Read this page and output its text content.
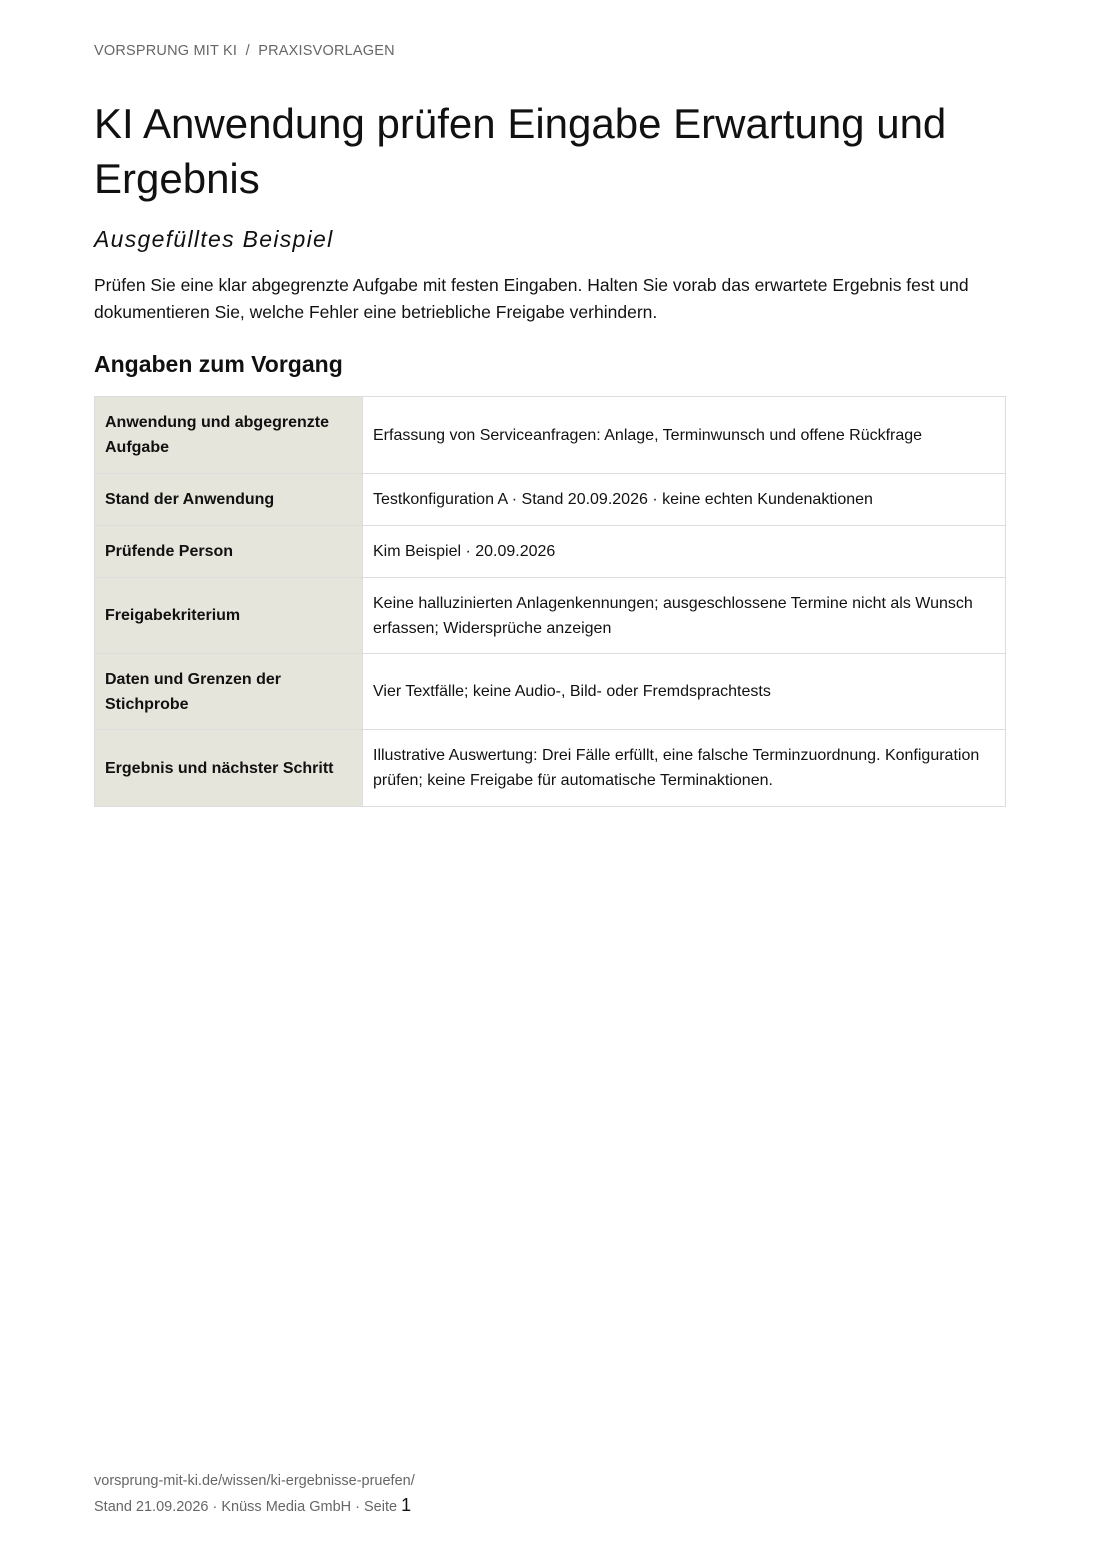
VORSPRUNG MIT KI  /  PRAXISVORLAGEN
KI Anwendung prüfen Eingabe Erwartung und Ergebnis
Ausgefülltes Beispiel

Prüfen Sie eine klar abgegrenzte Aufgabe mit festen Eingaben. Halten Sie vorab das erwartete Ergebnis fest und dokumentieren Sie, welche Fehler eine betriebliche Freigabe verhindern.

Angaben zum Vorgang
Anwendung und abgegrenzte Aufgabe	Erfassung von Serviceanfragen: Anlage, Terminwunsch und offene Rückfrage
Stand der Anwendung	Testkonfiguration A · Stand 20.09.2026 · keine echten Kundenaktionen
Prüfende Person	Kim Beispiel · 20.09.2026
Freigabekriterium	Keine halluzinierten Anlagenkennungen; ausgeschlossene Termine nicht als Wunsch erfassen; Widersprüche anzeigen
Daten und Grenzen der Stichprobe	Vier Textfälle; keine Audio-, Bild- oder Fremdsprachtests
Ergebnis und nächster Schritt	Illustrative Auswertung: Drei Fälle erfüllt, eine falsche Terminzuordnung. Konfiguration prüfen; keine Freigabe für automatische Terminaktionen.
vorsprung-mit-ki.de/wissen/ki-ergebnisse-pruefen/
Stand 21.09.2026 · Knüss Media GmbH · Seite 1
